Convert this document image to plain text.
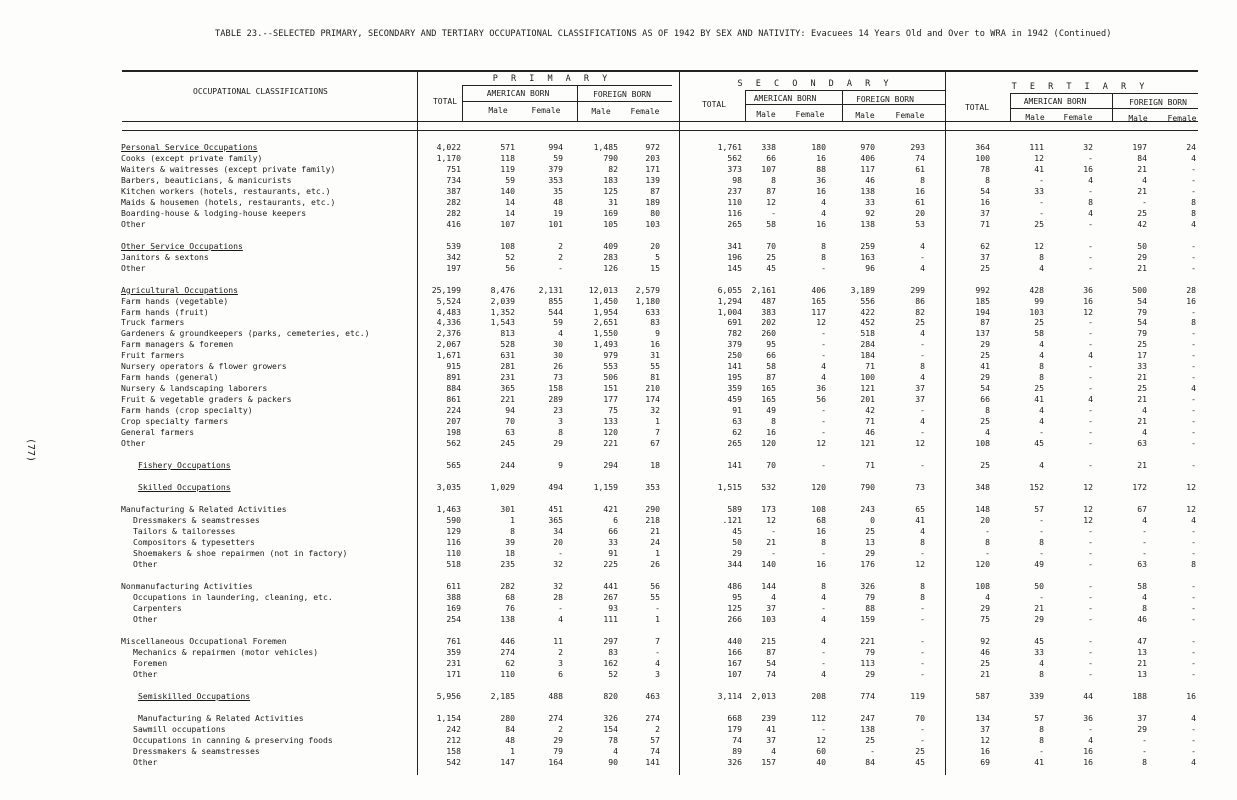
TABLE 23.--SELECTED PRIMARY, SECONDARY AND TERTIARY OCCUPATIONAL CLASSIFICATIONS AS OF 1942 BY SEX AND NATIVITY: Evacuees 14 Years Old and Over to WRA in 1942 (Continued)
(77)
OCCUPATIONAL CLASSIFICATIONS
P R I M A R Y	S E C O N D A R Y	T E R T I A R Y
TOTAL	TOTAL	TOTAL
AMERICAN BORN	FOREIGN BORN	AMERICAN BORN	FOREIGN BORN	AMERICAN BORN	FOREIGN BORN
Male	Female	Male Female	Male Female	Male	Female	Male Female	Male Female
Personal Service Occupations	4,022	571	994	1,485	972	1,761	338	180	970	293	364	111	32	197	24
Cooks (except private family)	1,170	118	59	790	203	562	66	16	406	74	100	12	-	84	4
Waiters & waitresses (except private family)	751	119	379	82	171	373	107	88	117	61	78	41	16	21	-
Barbers, beauticians, & manicurists	734	59	353	183	139	98	8	36	46	8	8	-	4	4	-
Kitchen workers (hotels, restaurants, etc.)	387	140	35	125	87	237	87	16	138	16	54	33	-	21	-
Maids & housemen (hotels, restaurants, etc.)	282	14	48	31	189	110	12	4	33	61	16	-	8	-	8
Boarding-house & lodging-house keepers	282	14	19	169	80	116	-	4	92	20	37	-	4	25	8
Other	416	107	101	105	103	265	58	16	138	53	71	25	-	42	4
Other Service Occupations	539	108	2	409	20	341	70	8	259	4	62	12	-	50	-
Janitors & sextons	342	52	2	283	5	196	25	8	163	-	37	8	-	29	-
Other	197	56	-	126	15	145	45	-	96	4	25	4	-	21	-
Agricultural Occupations	25,199	8,476	2,131	12,013	2,579	6,055	2,161	406	3,189	299	992	428	36	500	28
Farm hands (vegetable)	5,524	2,039	855	1,450	1,180	1,294	487	165	556	86	185	99	16	54	16
Farm hands (fruit)	4,483	1,352	544	1,954	633	1,004	383	117	422	82	194	103	12	79	-
Truck farmers	4,336	1,543	59	2,651	83	691	202	12	452	25	87	25	-	54	8
Gardeners & groundkeepers (parks, cemeteries, etc.)	2,376	813	4	1,550	9	782	260	-	518	4	137	58	-	79	-
Farm managers & foremen	2,067	528	30	1,493	16	379	95	-	284	-	29	4	-	25	-
Fruit farmers	1,671	631	30	979	31	250	66	-	184	-	25	4	4	17	-
Nursery operators & flower growers	915	281	26	553	55	141	58	4	71	8	41	8	-	33	-
Farm hands (general)	891	231	73	506	81	195	87	4	100	4	29	8	-	21	-
Nursery & landscaping laborers	884	365	158	151	210	359	165	36	121	37	54	25	-	25	4
Fruit & vegetable graders & packers	861	221	289	177	174	459	165	56	201	37	66	41	4	21	-
Farm hands (crop specialty)	224	94	23	75	32	91	49	-	42	-	8	4	-	4	-
Crop specialty farmers	207	70	3	133	1	63	8	-	71	4	25	4	-	21	-
General farmers	198	63	8	120	7	62	16	-	46	-	4	-	-	4	-
Other	562	245	29	221	67	265	120	12	121	12	108	45	-	63	-
Fishery Occupations	565	244	9	294	18	141	70	-	71	-	25	4	-	21	-
Skilled Occupations	3,035	1,029	494	1,159	353	1,515	532	120	790	73	348	152	12	172	12
Manufacturing & Related Activities	1,463	301	451	421	290	589	173	108	243	65	148	57	12	67	12
Dressmakers & seamstresses	590	1	365	6	218	.121	12	68	0	41	20	-	12	4	4
Tailors & tailoresses	129	8	34	66	21	45	-	16	25	4	-	-	-	-	-
Compositors & typesetters	116	39	20	33	24	50	21	8	13	8	8	8	-	-	-
Shoemakers & shoe repairmen (not in factory)	110	18	-	91	1	29	-	-	29	-	-	-	-	-	-
Other	518	235	32	225	26	344	140	16	176	12	120	49	-	63	8
Nonmanufacturing Activities	611	282	32	441	56	486	144	8	326	8	108	50	-	58	-
Occupations in laundering, cleaning, etc.	388	68	28	267	55	95	4	4	79	8	4	-	-	4	-
Carpenters	169	76	-	93	-	125	37	-	88	-	29	21	-	8	-
Other	254	138	4	111	1	266	103	4	159	-	75	29	-	46	-
Miscellaneous Occupational Foremen	761	446	11	297	7	440	215	4	221	-	92	45	-	47	-
Mechanics & repairmen (motor vehicles)	359	274	2	83	-	166	87	-	79	-	46	33	-	13	-
Foremen	231	62	3	162	4	167	54	-	113	-	25	4	-	21	-
Other	171	110	6	52	3	107	74	4	29	-	21	8	-	13	-
Semiskilled Occupations	5,956	2,185	488	820	463	3,114	2,013	208	774	119	587	339	44	188	16
Manufacturing & Related Activities	1,154	280	274	326	274	668	239	112	247	70	134	57	36	37	4
Sawmill occupations	242	84	2	154	2	179	41	-	138	-	37	8	-	29	-
Occupations in canning & preserving foods	212	48	29	78	57	74	37	12	25	-	12	8	4	-	-
Dressmakers & seamstresses	158	1	79	4	74	89	4	60	-	25	16	-	16	-	-
Other	542	147	164	90	141	326	157	40	84	45	69	41	16	8	4
